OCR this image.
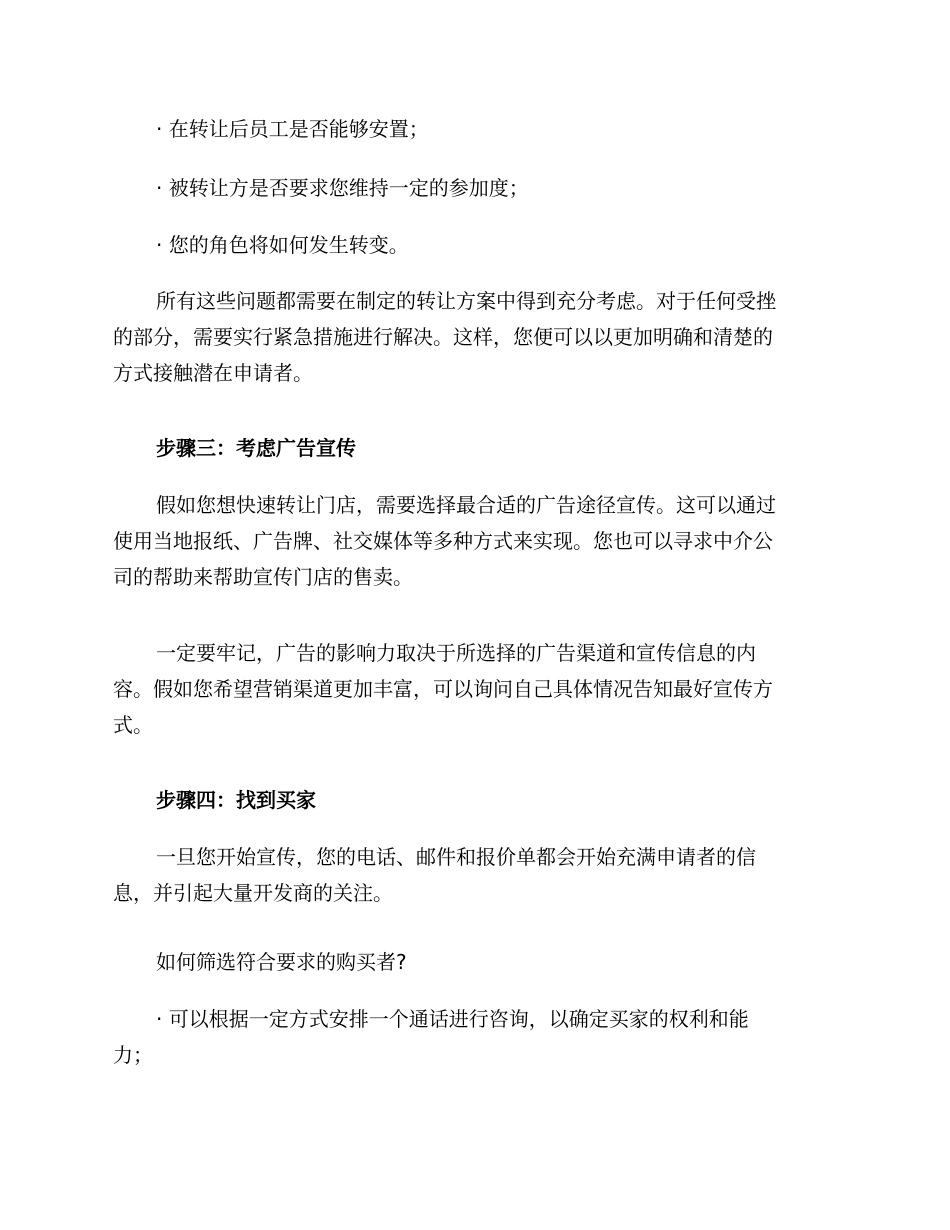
· 在转让后员工是否能够安置；

· 被转让方是否要求您维持一定的参加度；

· 您的角色将如何发生转变。

所有这些问题都需要在制定的转让方案中得到充分考虑。对于任何受挫
的部分，需要实行紧急措施进行解决。这样，您便可以以更加明确和清楚的
方式接触潜在申请者。

步骤三：考虑广告宣传

假如您想快速转让门店，需要选择最合适的广告途径宣传。这可以通过
使用当地报纸、广告牌、社交媒体等多种方式来实现。您也可以寻求中介公
司的帮助来帮助宣传门店的售卖。

一定要牢记，广告的影响力取决于所选择的广告渠道和宣传信息的内
容。假如您希望营销渠道更加丰富，可以询问自己具体情况告知最好宣传方
式。

步骤四：找到买家

一旦您开始宣传，您的电话、邮件和报价单都会开始充满申请者的信
息，并引起大量开发商的关注。

如何筛选符合要求的购买者?

· 可以根据一定方式安排一个通话进行咨询，以确定买家的权利和能
力；
